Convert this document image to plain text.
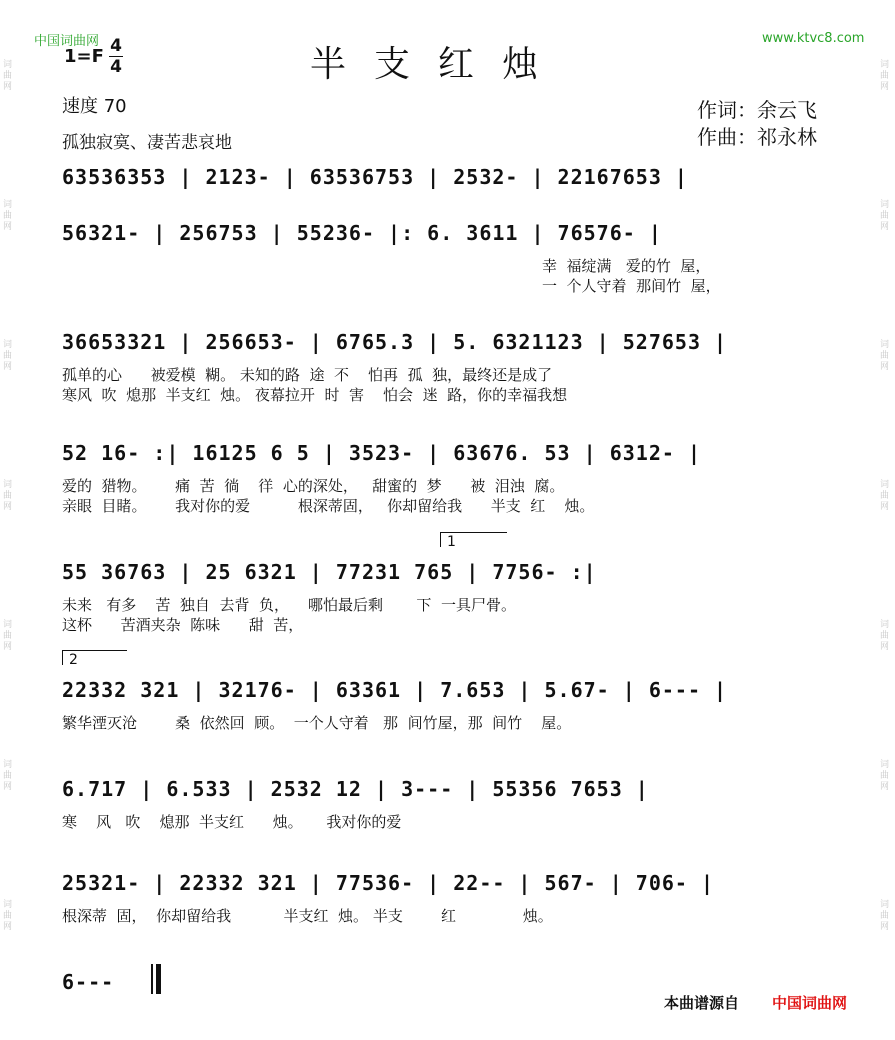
词曲网
词曲网
词曲网
词曲网
词曲网
词曲网
词曲网
词曲网
词曲网
词曲网
词曲网
词曲网
词曲网
词曲网
中国词曲网	www.ktvc8.com
1=F 4
4	半支红烛
速度 70	作词：余云飞
作曲：祁永林
孤独寂寞、凄苦悲哀地
63536353 | 2123- | 63536753 | 2532- | 22167653 |
56321- | 256753 | 55236- |: 6. 3611 | 76576- |
幸  福绽满   爱的竹  屋，
一  个人守着  那间竹  屋，
36653321 | 256653- | 6765.3 | 5. 6321123 | 527653 |
孤单的心      被爱模  糊。 未知的路  途  不    怕再  孤  独，最终还是成了
寒风  吹  熄那  半支红  烛。 夜幕拉开  时  害    怕会  迷  路，你的幸福我想
52 16- :| 16125 6 5 | 3523- | 63676. 53 | 6312- |
爱的  猎物。      痛  苦  徜    徉  心的深处，   甜蜜的  梦      被  泪浊  腐。
亲眼  目睹。      我对你的爱          根深蒂固，   你却留给我      半支  红    烛。
1
55 36763 | 25 6321 | 77231 765 | 7756- :|
未来   有多    苦  独自  去背  负，    哪怕最后剩       下  一具尸骨。
这杯      苦酒夹杂  陈味      甜  苦，
2
22332 321 | 32176- | 63361 | 7.653 | 5.67- | 6--- |
繁华湮灭沧        桑  依然回  顾。  一个人守着   那  间竹屋，那  间竹    屋。
6.717 | 6.533 | 2532 12 | 3--- | 55356 7653 |
寒    风   吹    熄那  半支红      烛。     我对你的爱
25321- | 22332 321 | 77536- | 22-- | 567- | 706- |
根深蒂  固，  你却留给我           半支红  烛。 半支        红              烛。
6---
本曲谱源自 中国词曲网
